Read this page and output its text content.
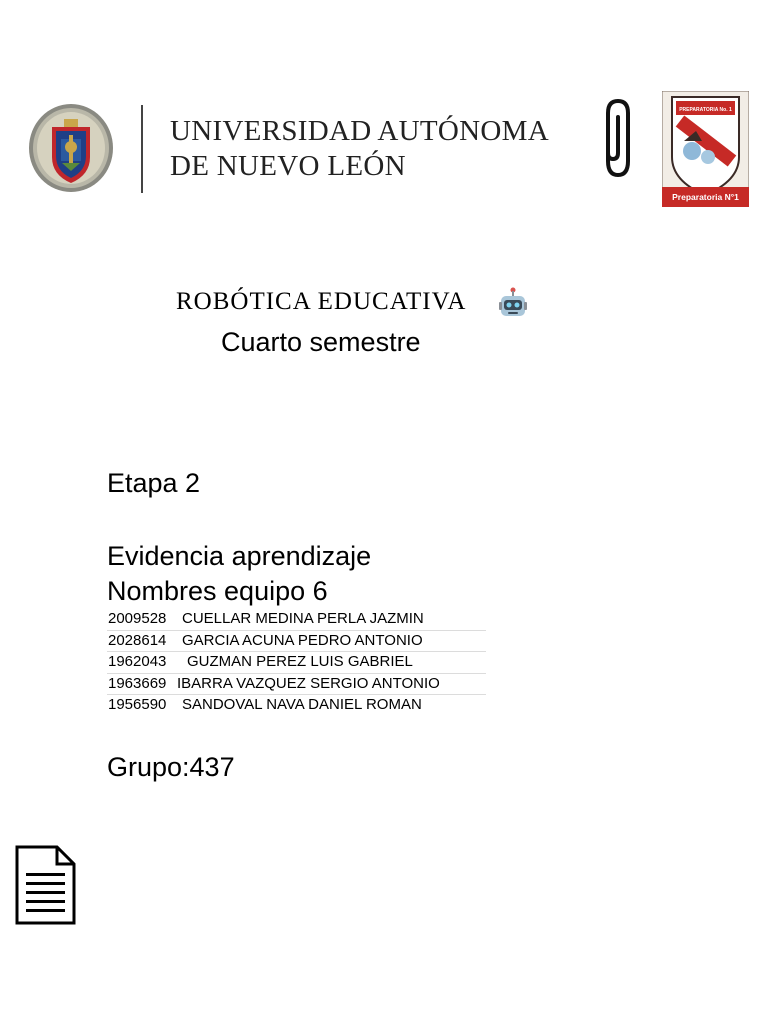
UNIVERSIDAD AUTÓNOMA
DE NUEVO LEÓN
Preparatoria N°1
PREPARATORIA No. 1
ROBÓTICA EDUCATIVA
Cuarto semestre
Etapa 2
Evidencia aprendizaje
Nombres equipo 6
2009528 CUELLAR MEDINA PERLA JAZMIN
2028614 GARCIA ACUNA PEDRO ANTONIO
1962043 GUZMAN PEREZ LUIS GABRIEL
1963669 IBARRA VAZQUEZ SERGIO ANTONIO
1956590 SANDOVAL NAVA DANIEL ROMAN
Grupo:437
